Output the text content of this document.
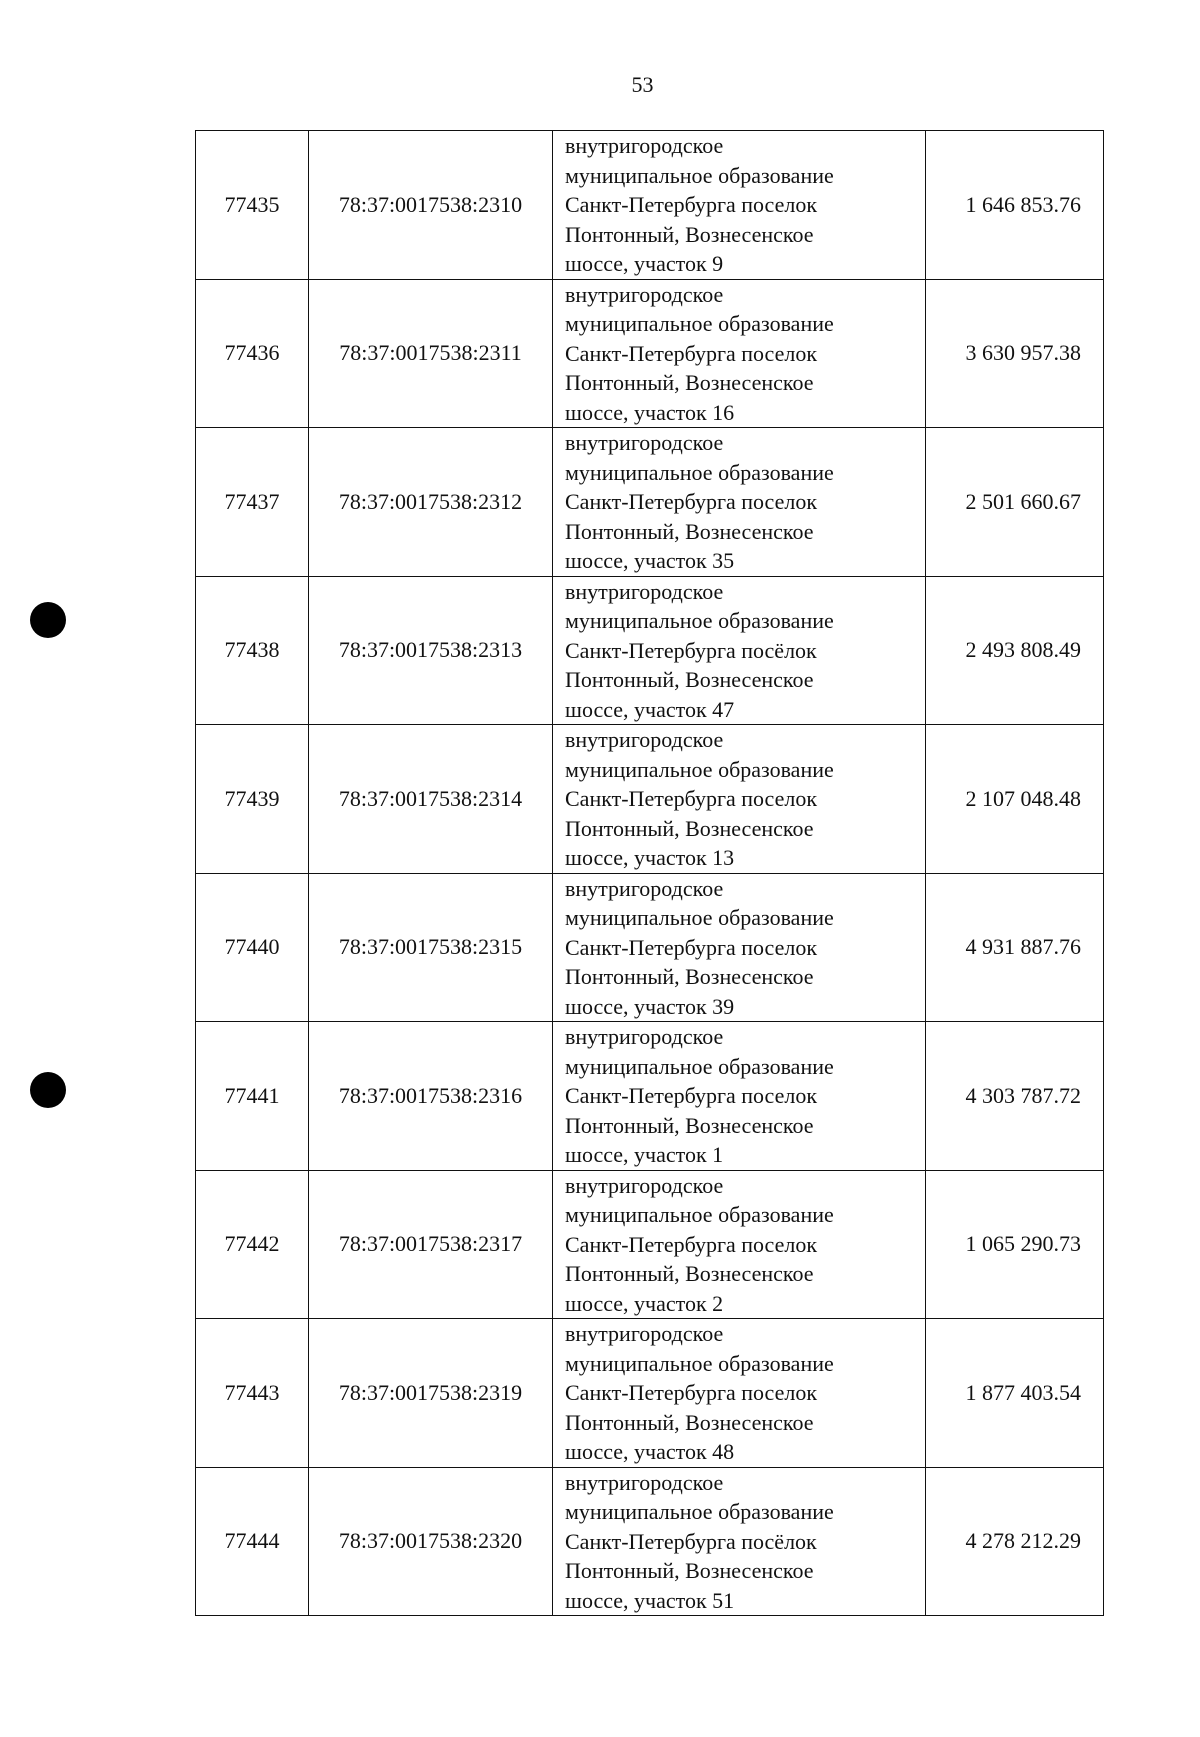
53
77435	78:37:0017538:2310	внутригородское
муниципальное образование
Санкт-Петербурга поселок
Понтонный, Вознесенское
шоссе, участок 9	1 646 853.76
77436	78:37:0017538:2311	внутригородское
муниципальное образование
Санкт-Петербурга поселок
Понтонный, Вознесенское
шоссе, участок 16	3 630 957.38
77437	78:37:0017538:2312	внутригородское
муниципальное образование
Санкт-Петербурга поселок
Понтонный, Вознесенское
шоссе, участок 35	2 501 660.67
77438	78:37:0017538:2313	внутригородское
муниципальное образование
Санкт-Петербурга посёлок
Понтонный, Вознесенское
шоссе, участок 47	2 493 808.49
77439	78:37:0017538:2314	внутригородское
муниципальное образование
Санкт-Петербурга поселок
Понтонный, Вознесенское
шоссе, участок 13	2 107 048.48
77440	78:37:0017538:2315	внутригородское
муниципальное образование
Санкт-Петербурга поселок
Понтонный, Вознесенское
шоссе, участок 39	4 931 887.76
77441	78:37:0017538:2316	внутригородское
муниципальное образование
Санкт-Петербурга поселок
Понтонный, Вознесенское
шоссе, участок 1	4 303 787.72
77442	78:37:0017538:2317	внутригородское
муниципальное образование
Санкт-Петербурга поселок
Понтонный, Вознесенское
шоссе, участок 2	1 065 290.73
77443	78:37:0017538:2319	внутригородское
муниципальное образование
Санкт-Петербурга поселок
Понтонный, Вознесенское
шоссе, участок 48	1 877 403.54
77444	78:37:0017538:2320	внутригородское
муниципальное образование
Санкт-Петербурга посёлок
Понтонный, Вознесенское
шоссе, участок 51	4 278 212.29
